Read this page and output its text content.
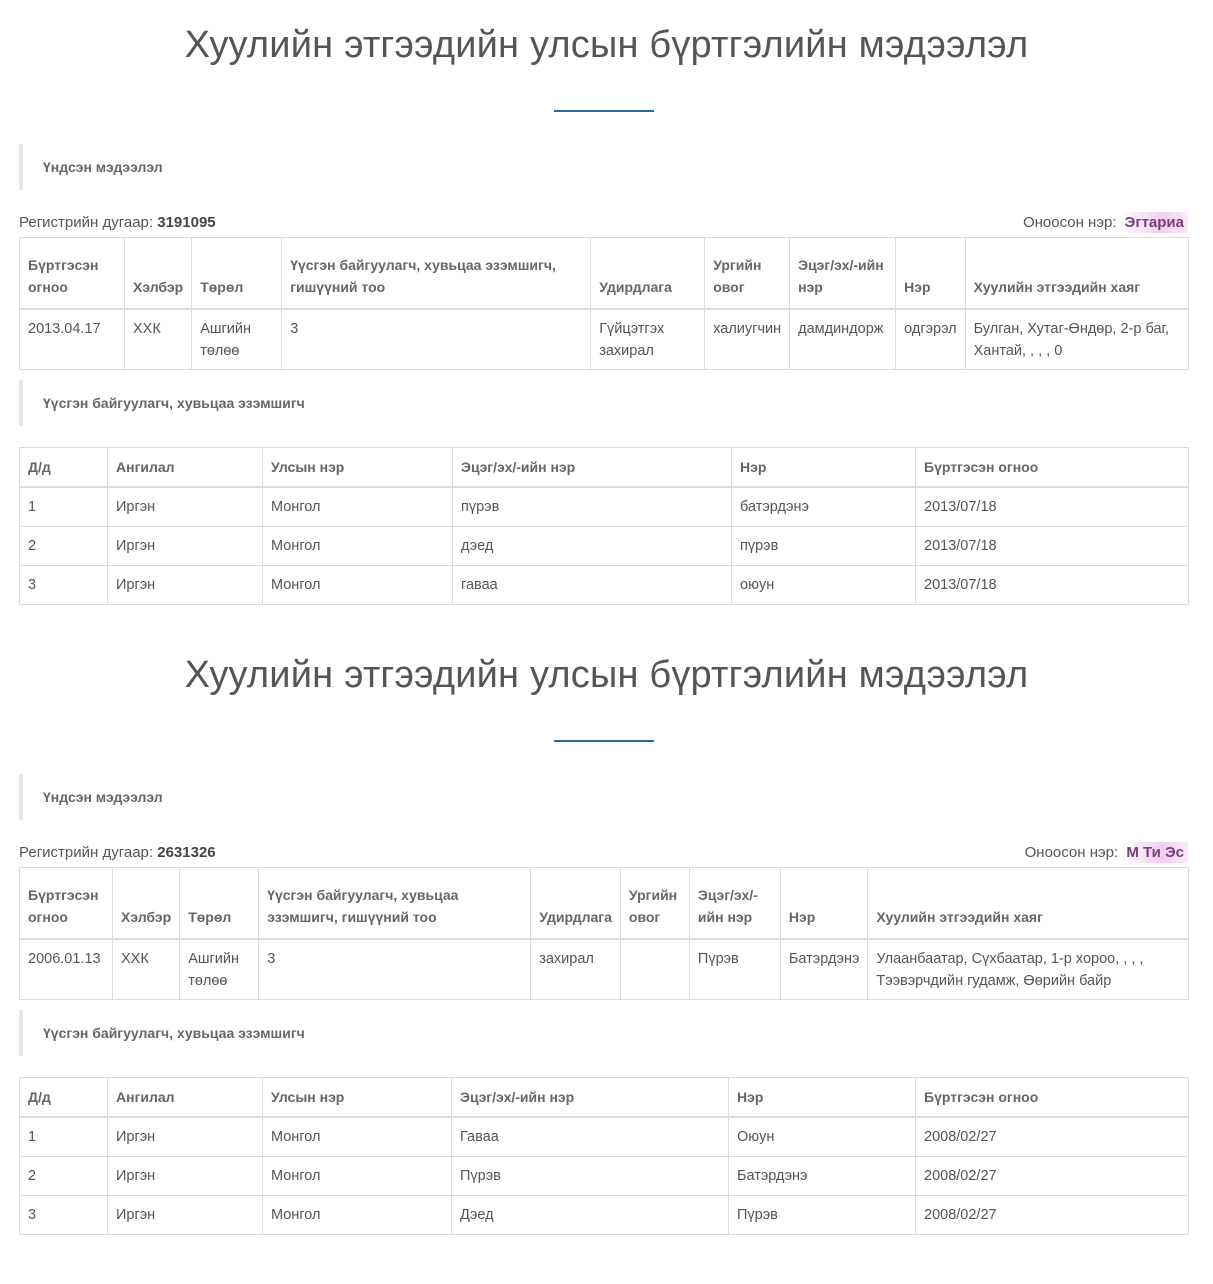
Хуулийн этгээдийн улсын бүртгэлийн мэдээлэл
Үндсэн мэдээлэл
Регистрийн дугаар: 3191095	Оноосон нэр: Эгтариа
Бүртгэсэн огноо	Хэлбэр	Төрөл	Үүсгэн байгуулагч, хувьцаа эзэмшигч, гишүүний тоо	Удирдлага	Ургийн овог	Эцэг/эх/-ийн нэр	Нэр	Хуулийн этгээдийн хаяг
2013.04.17	ХХК	Ашгийн төлөө	3	Гүйцэтгэх захирал	халиугчин	дамдиндорж	одгэрэл	Булган, Хутаг-Өндөр, 2-р баг, Хантай, , , , 0
Үүсгэн байгуулагч, хувьцаа эзэмшигч
Д/д	Ангилал	Улсын нэр	Эцэг/эх/-ийн нэр	Нэр	Бүртгэсэн огноо
1	Иргэн	Монгол	пүрэв	батэрдэнэ	2013/07/18
2	Иргэн	Монгол	дэед	пүрэв	2013/07/18
3	Иргэн	Монгол	гаваа	оюун	2013/07/18
Хуулийн этгээдийн улсын бүртгэлийн мэдээлэл
Үндсэн мэдээлэл
Регистрийн дугаар: 2631326	Оноосон нэр: М Ти Эс
Бүртгэсэн огноо	Хэлбэр	Төрөл	Үүсгэн байгуулагч, хувьцаа эзэмшигч, гишүүний тоо	Удирдлага	Ургийн овог	Эцэг/эх/-ийн нэр	Нэр	Хуулийн этгээдийн хаяг
2006.01.13	ХХК	Ашгийн төлөө	3	захирал		Пүрэв	Батэрдэнэ	Улаанбаатар, Сүхбаатар, 1-р хороо, , , , Тээвэрчдийн гудамж, Өөрийн байр
Үүсгэн байгуулагч, хувьцаа эзэмшигч
Д/д	Ангилал	Улсын нэр	Эцэг/эх/-ийн нэр	Нэр	Бүртгэсэн огноо
1	Иргэн	Монгол	Гаваа	Оюун	2008/02/27
2	Иргэн	Монгол	Пүрэв	Батэрдэнэ	2008/02/27
3	Иргэн	Монгол	Дэед	Пүрэв	2008/02/27
